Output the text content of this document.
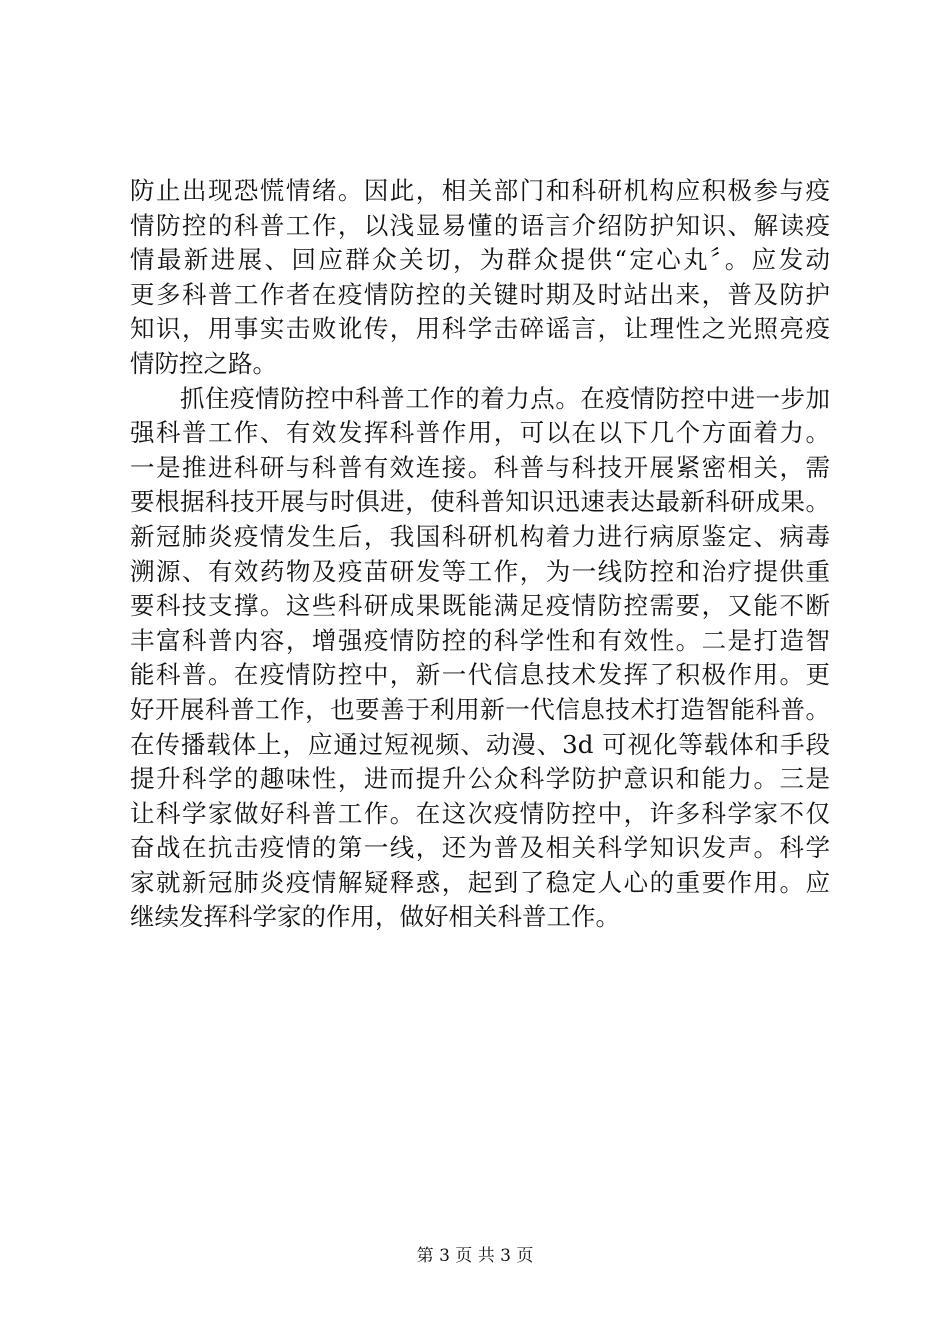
防止出现恐慌情绪。因此，相关部门和科研机构应积极参与疫
情防控的科普工作，以浅显易懂的语言介绍防护知识、解读疫
情最新进展、回应群众关切，为群众提供“定心丸〞。应发动
更多科普工作者在疫情防控的关键时期及时站出来，普及防护
知识，用事实击败讹传，用科学击碎谣言，让理性之光照亮疫
情防控之路。
　　抓住疫情防控中科普工作的着力点。在疫情防控中进一步加
强科普工作、有效发挥科普作用，可以在以下几个方面着力。
一是推进科研与科普有效连接。科普与科技开展紧密相关，需
要根据科技开展与时俱进，使科普知识迅速表达最新科研成果。
新冠肺炎疫情发生后，我国科研机构着力进行病原鉴定、病毒
溯源、有效药物及疫苗研发等工作，为一线防控和治疗提供重
要科技支撑。这些科研成果既能满足疫情防控需要，又能不断
丰富科普内容，增强疫情防控的科学性和有效性。二是打造智
能科普。在疫情防控中，新一代信息技术发挥了积极作用。更
好开展科普工作，也要善于利用新一代信息技术打造智能科普。
在传播载体上，应通过短视频、动漫、3d 可视化等载体和手段
提升科学的趣味性，进而提升公众科学防护意识和能力。三是
让科学家做好科普工作。在这次疫情防控中，许多科学家不仅
奋战在抗击疫情的第一线，还为普及相关科学知识发声。科学
家就新冠肺炎疫情解疑释惑，起到了稳定人心的重要作用。应
继续发挥科学家的作用，做好相关科普工作。
第 3 页 共 3 页
